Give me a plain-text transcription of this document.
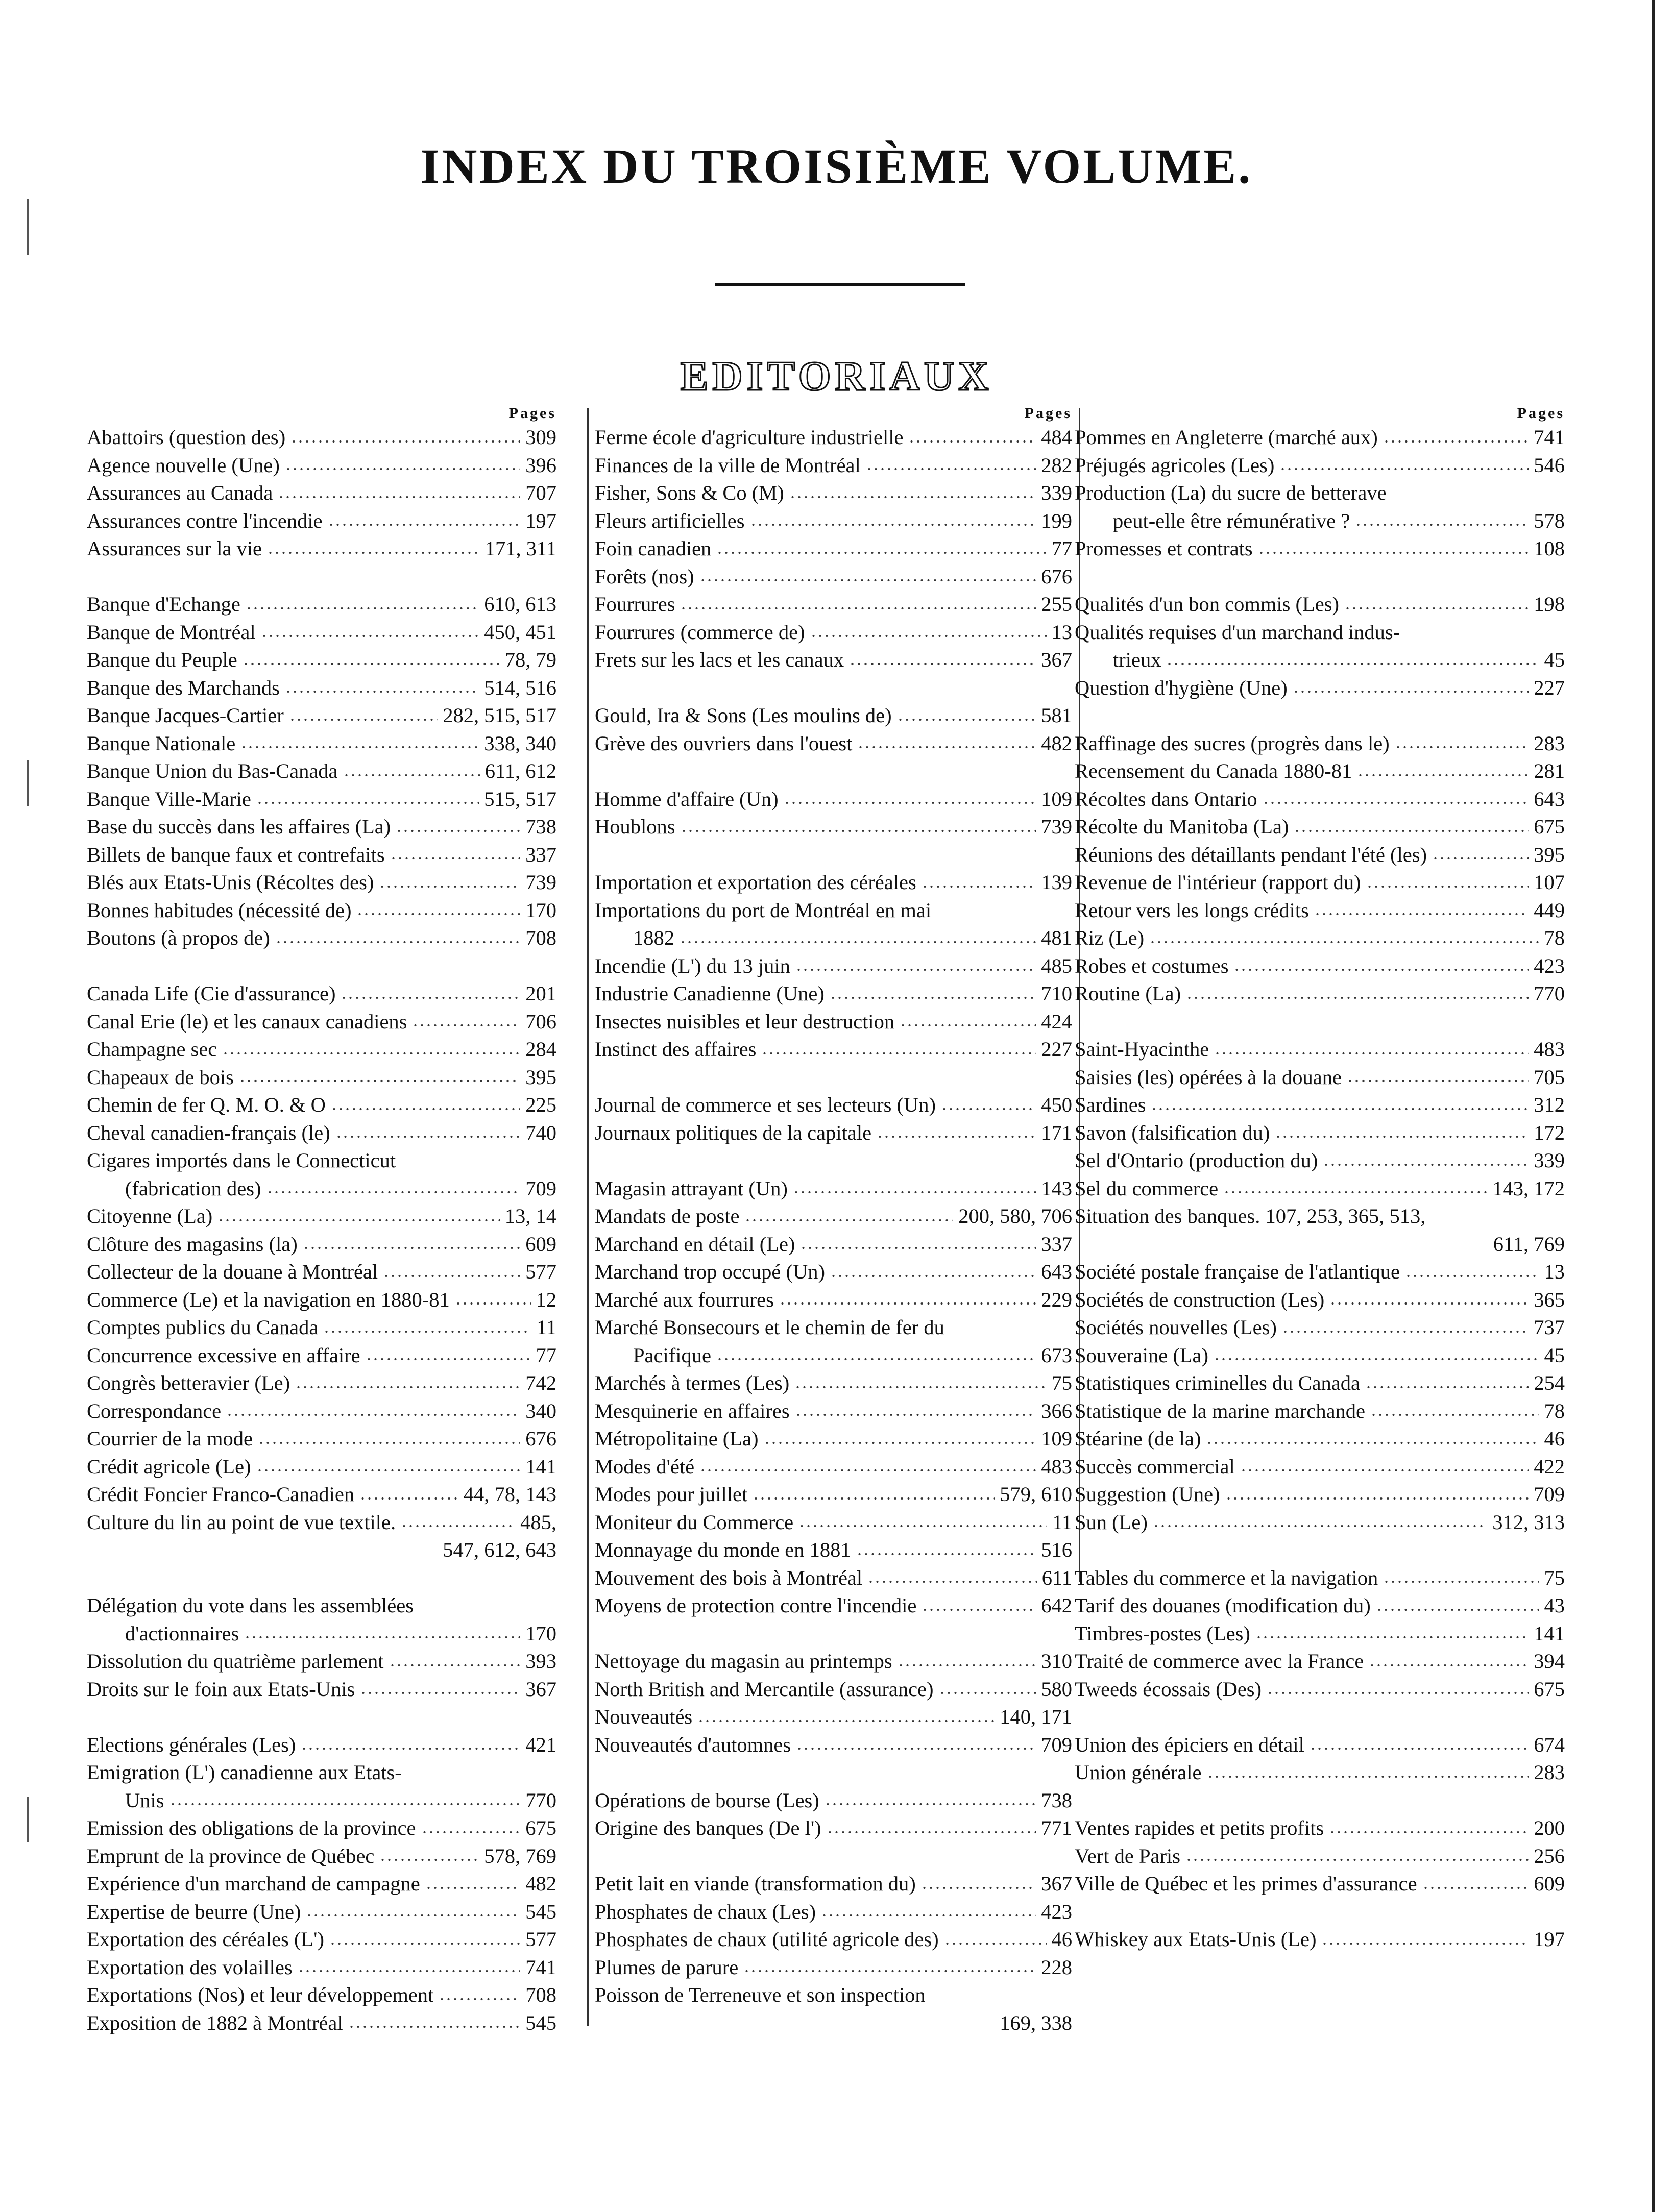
INDEX DU TROISIÈME VOLUME.
EDITORIAUX
Pages
Abattoirs (question des)	309
Agence nouvelle (Une)	396
Assurances au Canada	707
Assurances contre l'incendie	197
Assurances sur la vie	171, 311
Banque d'Echange	610, 613
Banque de Montréal	450, 451
Banque du Peuple	78, 79
Banque des Marchands	514, 516
Banque Jacques-Cartier	282, 515, 517
Banque Nationale	338, 340
Banque Union du Bas-Canada	611, 612
Banque Ville-Marie	515, 517
Base du succès dans les affaires (La)	738
Billets de banque faux et contrefaits	337
Blés aux Etats-Unis (Récoltes des)	739
Bonnes habitudes (nécessité de)	170
Boutons (à propos de)	708
Canada Life (Cie d'assurance)	201
Canal Erie (le) et les canaux canadiens	706
Champagne sec	284
Chapeaux de bois	395
Chemin de fer Q. M. O. & O	225
Cheval canadien-français (le)	740
Cigares importés dans le Connecticut
(fabrication des)	709
Citoyenne (La)	13, 14
Clôture des magasins (la)	609
Collecteur de la douane à Montréal	577
Commerce (Le) et la navigation en 1880-81	12
Comptes publics du Canada	11
Concurrence excessive en affaire	77
Congrès betteravier (Le)	742
Correspondance	340
Courrier de la mode	676
Crédit agricole (Le)	141
Crédit Foncier Franco-Canadien	44, 78, 143
Culture du lin au point de vue textile.	485,
547, 612, 643
Délégation du vote dans les assemblées
d'actionnaires	170
Dissolution du quatrième parlement	393
Droits sur le foin aux Etats-Unis	367
Elections générales (Les)	421
Emigration (L') canadienne aux Etats-
Unis	770
Emission des obligations de la province	675
Emprunt de la province de Québec	578, 769
Expérience d'un marchand de campagne	482
Expertise de beurre (Une)	545
Exportation des céréales (L')	577
Exportation des volailles	741
Exportations (Nos) et leur développement	708
Exposition de 1882 à Montréal	545
Pages
Ferme école d'agriculture industrielle	484
Finances de la ville de Montréal	282
Fisher, Sons & Co (M)	339
Fleurs artificielles	199
Foin canadien	77
Forêts (nos)	676
Fourrures	255
Fourrures (commerce de)	13
Frets sur les lacs et les canaux	367
Gould, Ira & Sons (Les moulins de)	581
Grève des ouvriers dans l'ouest	482
Homme d'affaire (Un)	109
Houblons	739
Importation et exportation des céréales	139
Importations du port de Montréal en mai
1882	481
Incendie (L') du 13 juin	485
Industrie Canadienne (Une)	710
Insectes nuisibles et leur destruction	424
Instinct des affaires	227
Journal de commerce et ses lecteurs (Un)	450
Journaux politiques de la capitale	171
Magasin attrayant (Un)	143
Mandats de poste	200, 580, 706
Marchand en détail (Le)	337
Marchand trop occupé (Un)	643
Marché aux fourrures	229
Marché Bonsecours et le chemin de fer du
Pacifique	673
Marchés à termes (Les)	75
Mesquinerie en affaires	366
Métropolitaine (La)	109
Modes d'été	483
Modes pour juillet	579, 610
Moniteur du Commerce	11
Monnayage du monde en 1881	516
Mouvement des bois à Montréal	611
Moyens de protection contre l'incendie	642
Nettoyage du magasin au printemps	310
North British and Mercantile (assurance)	580
Nouveautés	140, 171
Nouveautés d'automnes	709
Opérations de bourse (Les)	738
Origine des banques (De l')	771
Petit lait en viande (transformation du)	367
Phosphates de chaux (Les)	423
Phosphates de chaux (utilité agricole des)	46
Plumes de parure	228
Poisson de Terreneuve et son inspection
169, 338
Pages
Pommes en Angleterre (marché aux)	741
Préjugés agricoles (Les)	546
Production (La) du sucre de betterave
peut-elle être rémunérative ?	578
Promesses et contrats	108
Qualités d'un bon commis (Les)	198
Qualités requises d'un marchand indus-
trieux	45
Question d'hygiène (Une)	227
Raffinage des sucres (progrès dans le)	283
Recensement du Canada 1880-81	281
Récoltes dans Ontario	643
Récolte du Manitoba (La)	675
Réunions des détaillants pendant l'été (les)	395
Revenue de l'intérieur (rapport du)	107
Retour vers les longs crédits	449
Riz (Le)	78
Robes et costumes	423
Routine (La)	770
Saint-Hyacinthe	483
Saisies (les) opérées à la douane	705
Sardines	312
Savon (falsification du)	172
Sel d'Ontario (production du)	339
Sel du commerce	143, 172
Situation des banques. 107, 253, 365, 513,
611, 769
Société postale française de l'atlantique	13
Sociétés de construction (Les)	365
Sociétés nouvelles (Les)	737
Souveraine (La)	45
Statistiques criminelles du Canada	254
Statistique de la marine marchande	78
Stéarine (de la)	46
Succès commercial	422
Suggestion (Une)	709
Sun (Le)	312, 313
Tables du commerce et la navigation	75
Tarif des douanes (modification du)	43
Timbres-postes (Les)	141
Traité de commerce avec la France	394
Tweeds écossais (Des)	675
Union des épiciers en détail	674
Union générale	283
Ventes rapides et petits profits	200
Vert de Paris	256
Ville de Québec et les primes d'assurance	609
Whiskey aux Etats-Unis (Le)	197
